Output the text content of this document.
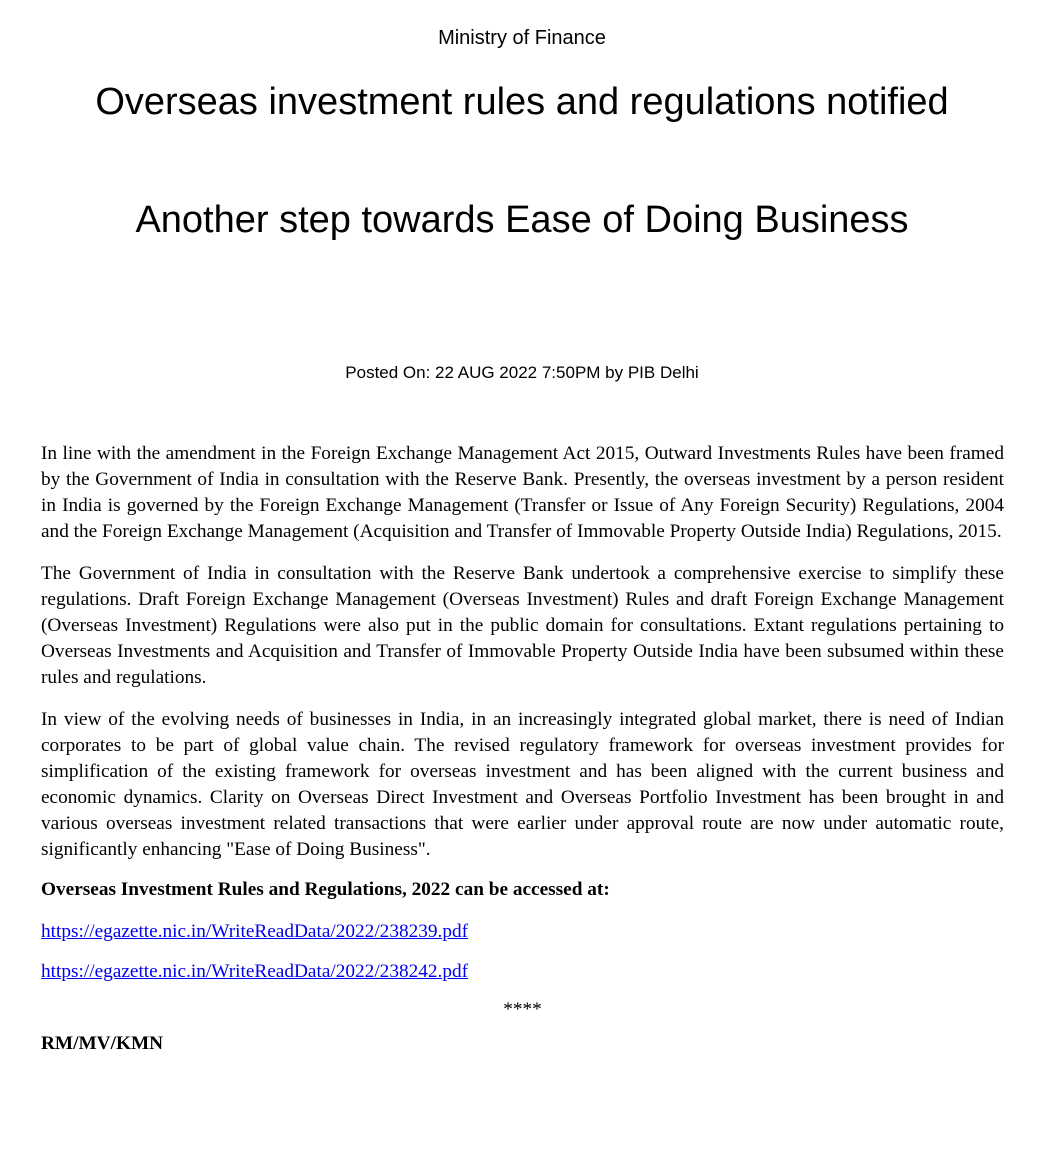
Ministry of Finance
Overseas investment rules and regulations notified
Another step towards Ease of Doing Business
Posted On: 22 AUG 2022 7:50PM by PIB Delhi

In line with the amendment in the Foreign Exchange Management Act 2015, Outward Investments Rules have been framed by the Government of India in consultation with the Reserve Bank. Presently, the overseas investment by a person resident in India is governed by the Foreign Exchange Management (Transfer or Issue of Any Foreign Security) Regulations, 2004 and the Foreign Exchange Management (Acquisition and Transfer of Immovable Property Outside India) Regulations, 2015.

The Government of India in consultation with the Reserve Bank undertook a comprehensive exercise to simplify these regulations. Draft Foreign Exchange Management (Overseas Investment) Rules and draft Foreign Exchange Management (Overseas Investment) Regulations were also put in the public domain for consultations. Extant regulations pertaining to Overseas Investments and Acquisition and Transfer of Immovable Property Outside India have been subsumed within these rules and regulations.

In view of the evolving needs of businesses in India, in an increasingly integrated global market, there is need of Indian corporates to be part of global value chain. The revised regulatory framework for overseas investment provides for simplification of the existing framework for overseas investment and has been aligned with the current business and economic dynamics. Clarity on Overseas Direct Investment and Overseas Portfolio Investment has been brought in and various overseas investment related transactions that were earlier under approval route are now under automatic route, significantly enhancing "Ease of Doing Business".

Overseas Investment Rules and Regulations, 2022 can be accessed at:

https://egazette.nic.in/WriteReadData/2022/238239.pdf

https://egazette.nic.in/WriteReadData/2022/238242.pdf

****

RM/MV/KMN
